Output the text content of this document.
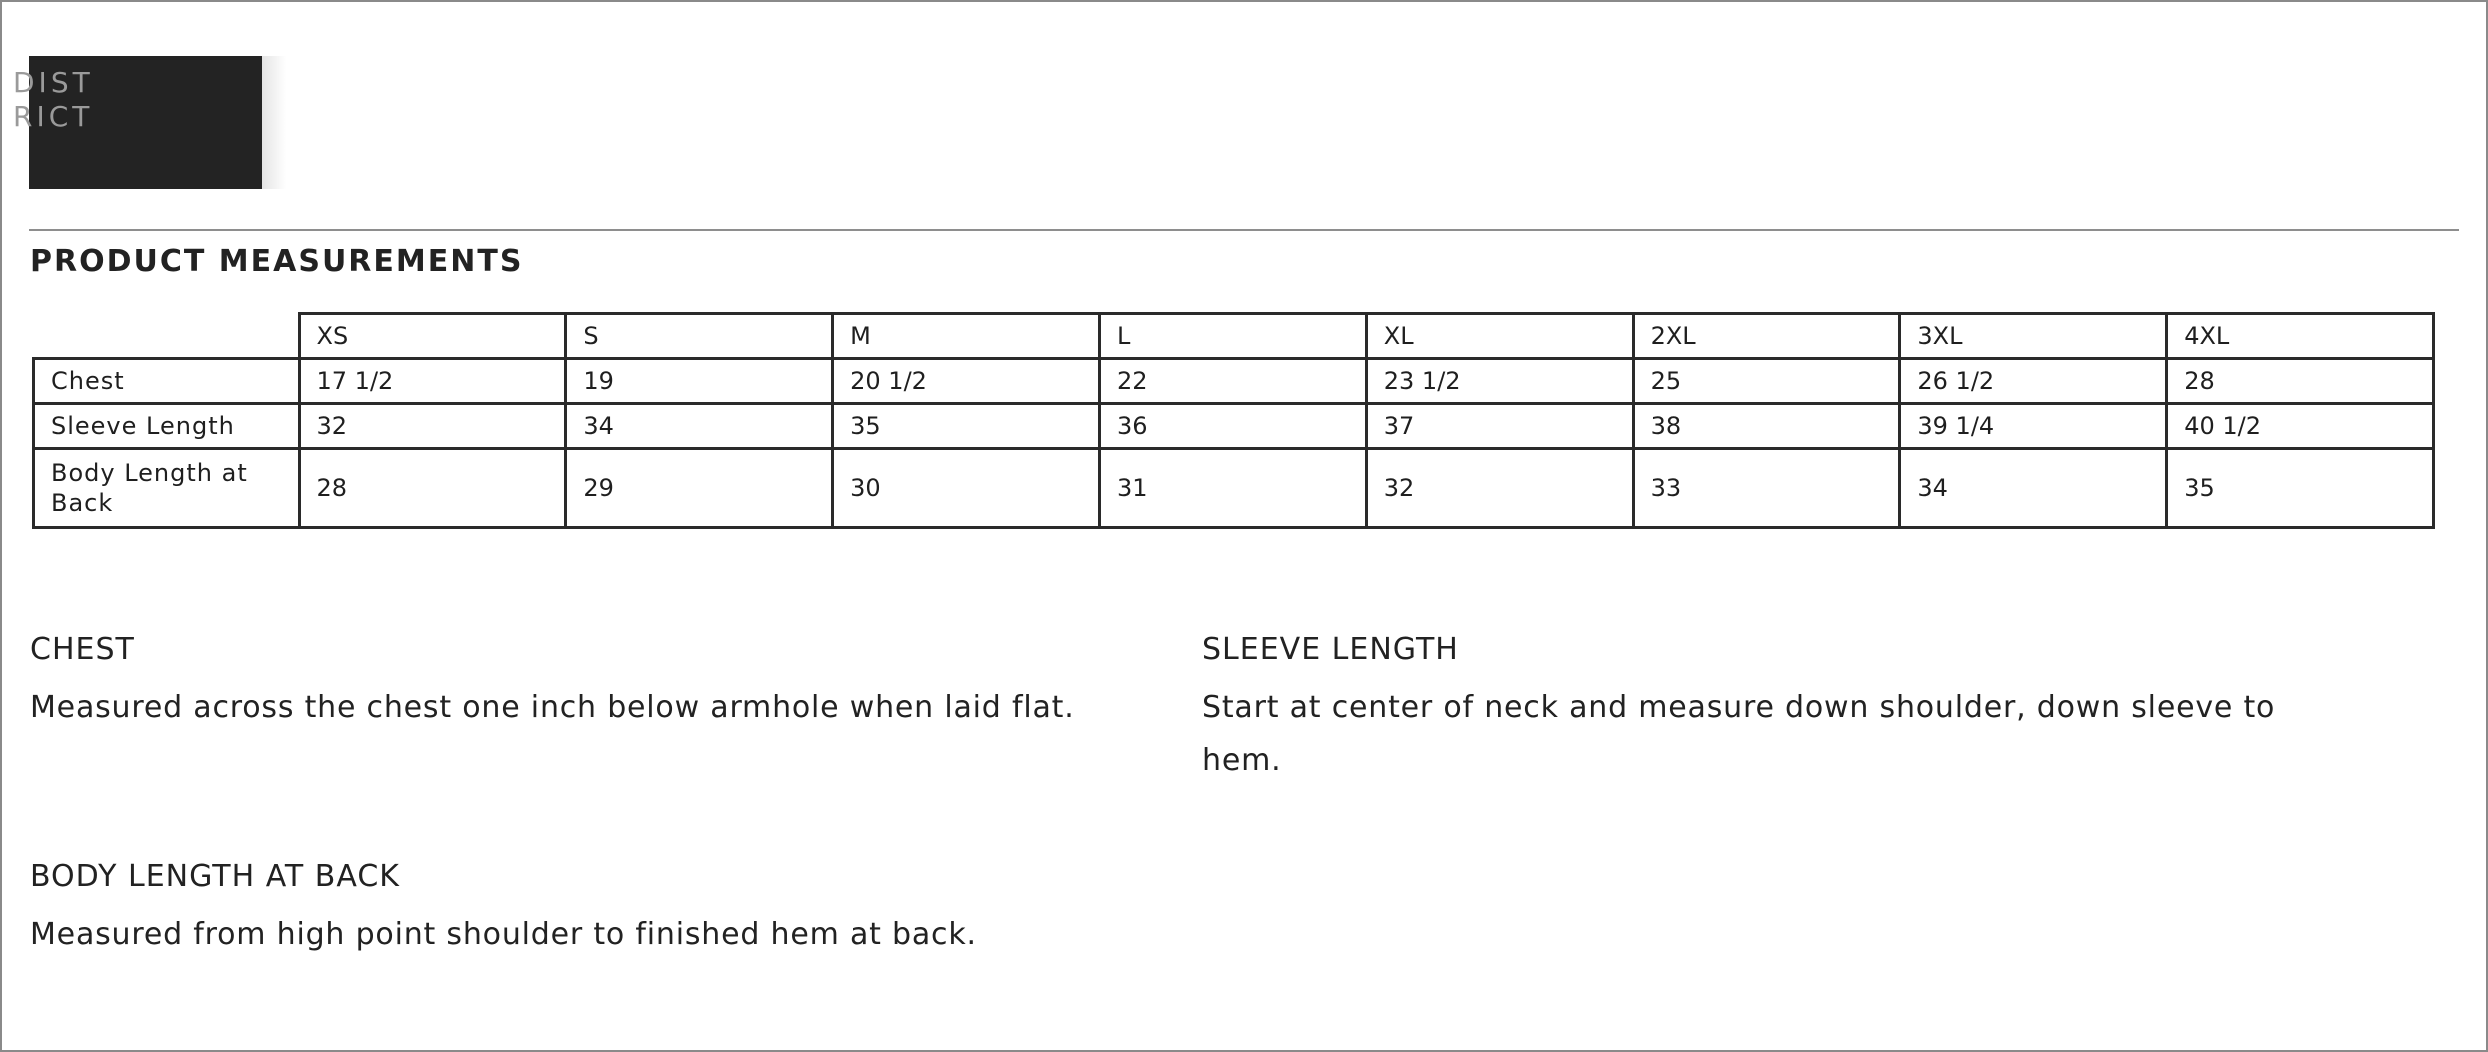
DIST
RICT
PRODUCT MEASUREMENTS
	XS	S	M	L	XL	2XL	3XL	4XL
Chest	17 1/2	19	20 1/2	22	23 1/2	25	26 1/2	28
Sleeve Length	32	34	35	36	37	38	39 1/4	40 1/2
Body Length at Back	28	29	30	31	32	33	34	35
CHEST
Measured across the chest one inch below armhole when laid flat.
SLEEVE LENGTH
Start at center of neck and measure down shoulder, down sleeve to hem.
BODY LENGTH AT BACK
Measured from high point shoulder to finished hem at back.
